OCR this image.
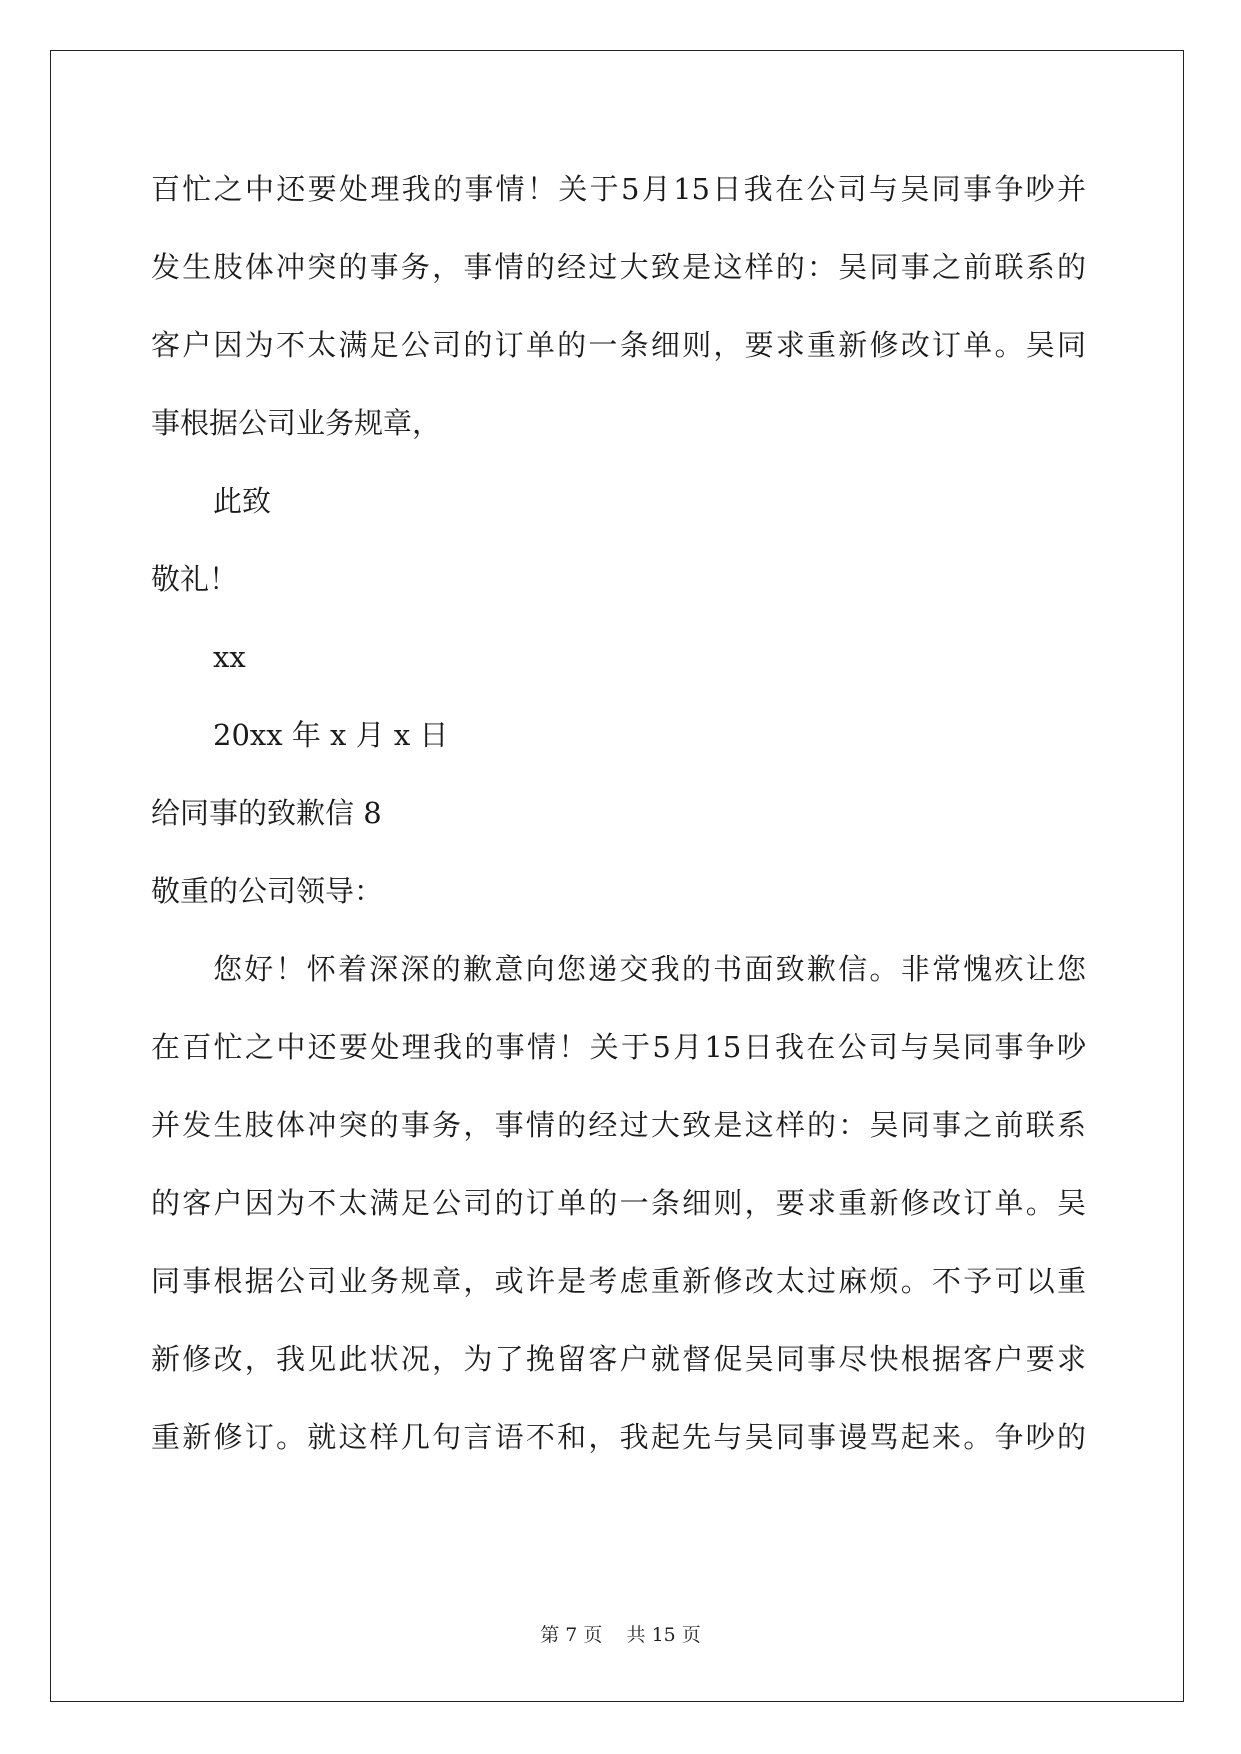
百忙之中还要处理我的事情！关于5月15日我在公司与吴同事争吵并
发生肢体冲突的事务，事情的经过大致是这样的：吴同事之前联系的
客户因为不太满足公司的订单的一条细则，要求重新修改订单。吴同
事根据公司业务规章，
此致
敬礼！
xx
20xx 年 x 月 x 日
给同事的致歉信 8
敬重的公司领导：
您好！怀着深深的歉意向您递交我的书面致歉信。非常愧疚让您
在百忙之中还要处理我的事情！关于5月15日我在公司与吴同事争吵
并发生肢体冲突的事务，事情的经过大致是这样的：吴同事之前联系
的客户因为不太满足公司的订单的一条细则，要求重新修改订单。吴
同事根据公司业务规章，或许是考虑重新修改太过麻烦。不予可以重
新修改，我见此状况，为了挽留客户就督促吴同事尽快根据客户要求
重新修订。就这样几句言语不和，我起先与吴同事谩骂起来。争吵的
第 7 页    共 15 页
